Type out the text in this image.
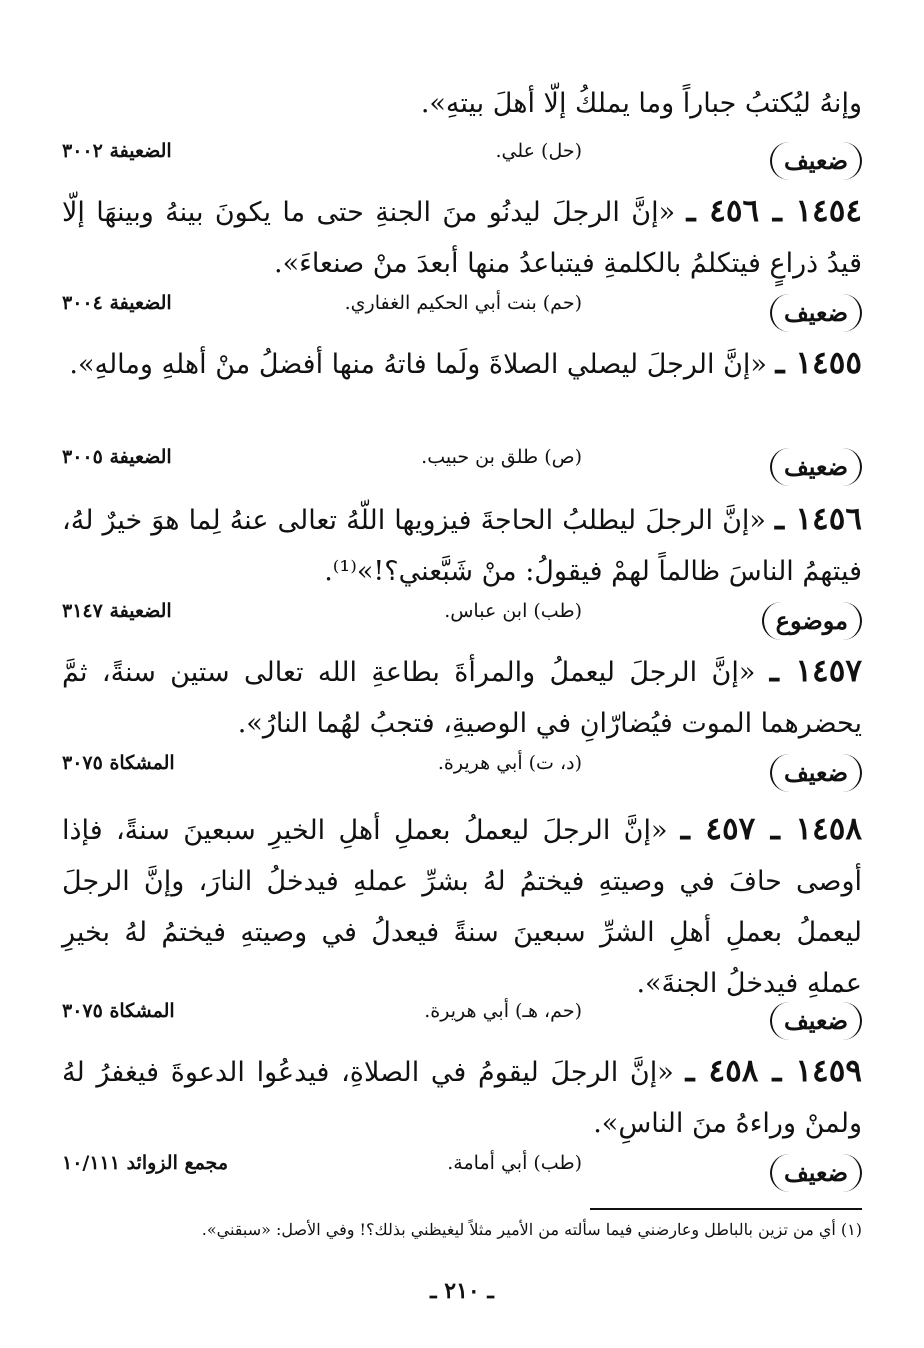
وإنهُ ليُكتبُ جباراً وما يملكُ إلّا أهلَ بيتهِ».
ضعيف
(حل) علي.
الضعيفة ٣٠٠٢
١٤٥٤ ـ ٤٥٦ ـ «إنَّ الرجلَ ليدنُو منَ الجنةِ حتى ما يكونَ بينهُ وبينهَا إلّا قيدُ ذراعٍ فيتكلمُ بالكلمةِ فيتباعدُ منها أبعدَ منْ صنعاءَ».
ضعيف
(حم) بنت أبي الحكيم الغفاري.
الضعيفة ٣٠٠٤
١٤٥٥ ـ «إنَّ الرجلَ ليصلي الصلاةَ ولَما فاتهُ منها أفضلُ منْ أهلهِ ومالهِ».
ضعيف
(ص) طلق بن حبيب.
الضعيفة ٣٠٠٥
١٤٥٦ ـ «إنَّ الرجلَ ليطلبُ الحاجةَ فيزويها اللّهُ تعالى عنهُ لِما هوَ خيرٌ لهُ، فيتهمُ الناسَ ظالماً لهمْ فيقولُ: منْ شَبَّعني؟!»⁽¹⁾.
موضوع
(طب) ابن عباس.
الضعيفة ٣١٤٧
١٤٥٧ ـ «إنَّ الرجلَ ليعملُ والمرأةَ بطاعةِ الله تعالى ستين سنةً، ثمَّ يحضرهما الموت فيُضارّانِ في الوصيةِ، فتجبُ لهُما النارُ».
ضعيف
(د، ت) أبي هريرة.
المشكاة ٣٠٧٥
١٤٥٨ ـ ٤٥٧ ـ «إنَّ الرجلَ ليعملُ بعملِ أهلِ الخيرِ سبعينَ سنةً، فإذا أوصى حافَ في وصيتهِ فيختمُ لهُ بشرِّ عملهِ فيدخلُ النارَ، وإنَّ الرجلَ ليعملُ بعملِ أهلِ الشرِّ سبعينَ سنةً فيعدلُ في وصيتهِ فيختمُ لهُ بخيرِ عملهِ فيدخلُ الجنةَ».
ضعيف
(حم، هـ) أبي هريرة.
المشكاة ٣٠٧٥
١٤٥٩ ـ ٤٥٨ ـ «إنَّ الرجلَ ليقومُ في الصلاةِ، فيدعُوا الدعوةَ فيغفرُ لهُ ولمنْ وراءهُ منَ الناسِ».
ضعيف
(طب) أبي أمامة.
مجمع الزوائد ١٠/١١١
(١) أي من تزين بالباطل وعارضني فيما سألته من الأمير مثلاً ليغيظني بذلك؟! وفي الأصل: «سبقني».
ـ ٢١٠ ـ
